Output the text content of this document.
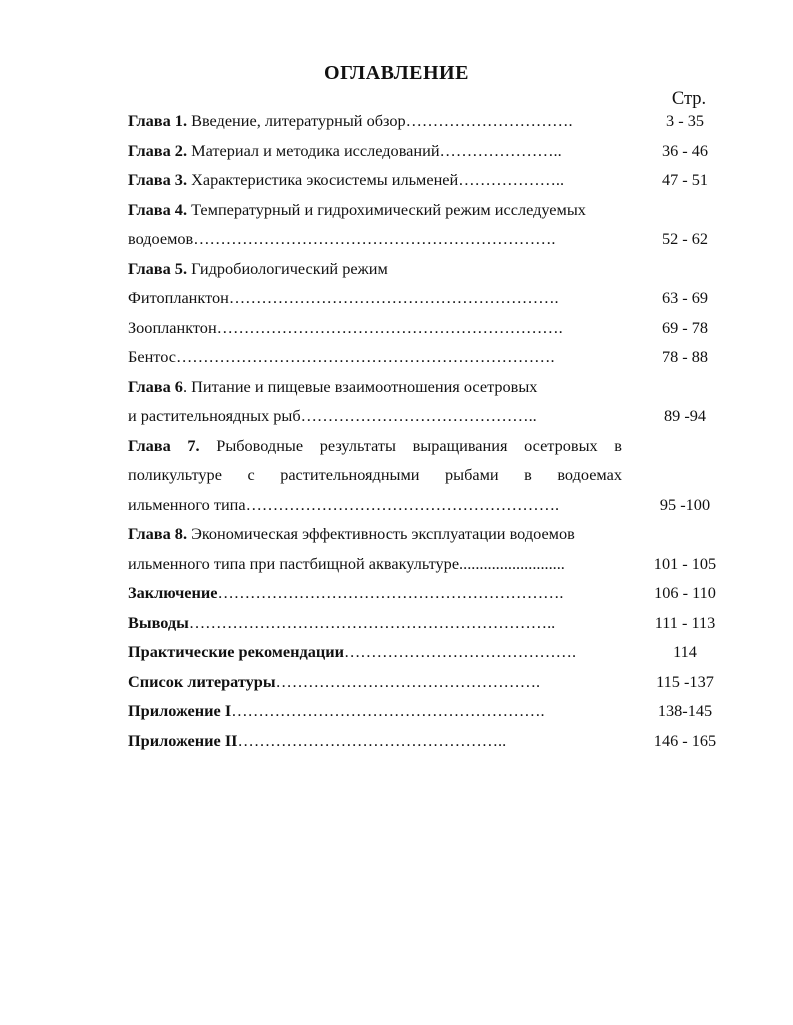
ОГЛАВЛЕНИЕ
Стр.
Глава 1. Введение, литературный обзор………………………….	3 - 35
Глава 2. Материал и методика исследований…………………..	36 - 46
Глава 3. Характеристика экосистемы ильменей………………..	47 - 51
Глава 4. Температурный и гидрохимический режим исследуемых
водоемов………………………………………………………….	52 - 62
Глава 5. Гидробиологический режим
Фитопланктон…………………………………………………….	63 - 69
Зоопланктон……………………………………………………….	69 - 78
Бентос…………………………………………………………….	78 - 88
Глава 6. Питание и пищевые взаимоотношения осетровых
и растительноядных рыб……………………………………..	89 -94
Глава 7. Рыбоводные результаты выращивания осетровых в
поликультуре с растительноядными рыбами в водоемах
ильменного типа………………………………………………….	95 -100
Глава 8. Экономическая эффективность эксплуатации водоемов
ильменного типа при пастбищной аквакультуре..........................	101 - 105
Заключение……………………………………………………….	106 - 110
Выводы…………………………………………………………..	111 - 113
Практические рекомендации…………………………………….	114
Список литературы………………………………………….	115 -137
Приложение I………………………………………………….	138-145
Приложение II…………………………………………..	146 - 165
